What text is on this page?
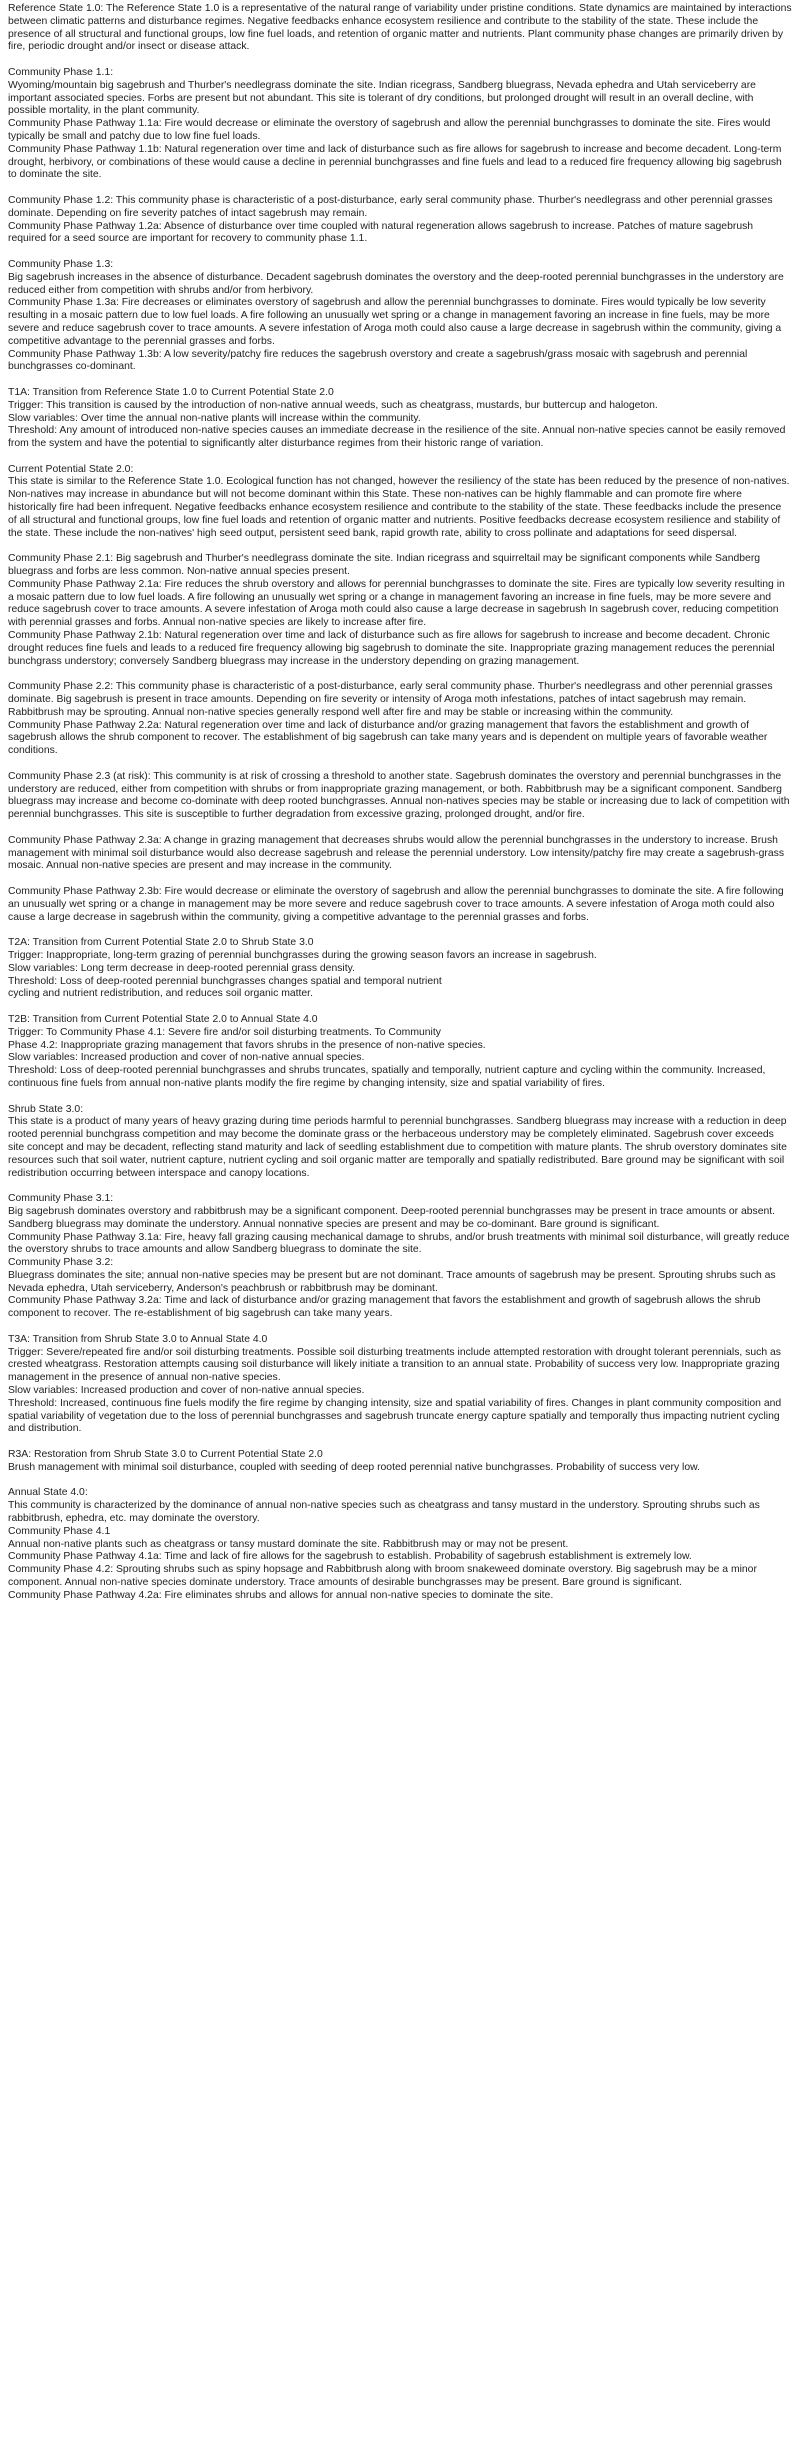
Reference State 1.0: The Reference State 1.0 is a representative of the natural range of variability under pristine conditions. State dynamics are maintained by interactions between climatic patterns and disturbance regimes. Negative feedbacks enhance ecosystem resilience and contribute to the stability of the state. These include the presence of all structural and functional groups, low fine fuel loads, and retention of organic matter and nutrients. Plant community phase changes are primarily driven by fire, periodic drought and/or insect or disease attack.
Community Phase 1.1:
Wyoming/mountain big sagebrush and Thurber's needlegrass dominate the site. Indian ricegrass, Sandberg bluegrass, Nevada ephedra and Utah serviceberry are important associated species. Forbs are present but not abundant. This site is tolerant of dry conditions, but prolonged drought will result in an overall decline, with possible mortality, in the plant community.
Community Phase Pathway 1.1a: Fire would decrease or eliminate the overstory of sagebrush and allow the perennial bunchgrasses to dominate the site. Fires would typically be small and patchy due to low fine fuel loads.
Community Phase Pathway 1.1b: Natural regeneration over time and lack of disturbance such as fire allows for sagebrush to increase and become decadent. Long-term drought, herbivory, or combinations of these would cause a decline in perennial bunchgrasses and fine fuels and lead to a reduced fire frequency allowing big sagebrush to dominate the site.
Community Phase 1.2: This community phase is characteristic of a post-disturbance, early seral community phase. Thurber's needlegrass and other perennial grasses dominate. Depending on fire severity patches of intact sagebrush may remain.
Community Phase Pathway 1.2a: Absence of disturbance over time coupled with natural regeneration allows sagebrush to increase. Patches of mature sagebrush required for a seed source are important for recovery to community phase 1.1.
Community Phase 1.3:
Big sagebrush increases in the absence of disturbance. Decadent sagebrush dominates the overstory and the deep-rooted perennial bunchgrasses in the understory are reduced either from competition with shrubs and/or from herbivory.
Community Phase 1.3a: Fire decreases or eliminates overstory of sagebrush and allow the perennial bunchgrasses to dominate. Fires would typically be low severity resulting in a mosaic pattern due to low fuel loads. A fire following an unusually wet spring or a change in management favoring an increase in fine fuels, may be more severe and reduce sagebrush cover to trace amounts. A severe infestation of Aroga moth could also cause a large decrease in sagebrush within the community, giving a competitive advantage to the perennial grasses and forbs.
Community Phase Pathway 1.3b: A low severity/patchy fire reduces the sagebrush overstory and create a sagebrush/grass mosaic with sagebrush and perennial bunchgrasses co-dominant.
T1A: Transition from Reference State 1.0 to Current Potential State 2.0
Trigger: This transition is caused by the introduction of non-native annual weeds, such as cheatgrass, mustards, bur buttercup and halogeton.
Slow variables: Over time the annual non-native plants will increase within the community.
Threshold: Any amount of introduced non-native species causes an immediate decrease in the resilience of the site. Annual non-native species cannot be easily removed from the system and have the potential to significantly alter disturbance regimes from their historic range of variation.
Current Potential State 2.0:
This state is similar to the Reference State 1.0. Ecological function has not changed, however the resiliency of the state has been reduced by the presence of non-natives. Non-natives may increase in abundance but will not become dominant within this State. These non-natives can be highly flammable and can promote fire where historically fire had been infrequent. Negative feedbacks enhance ecosystem resilience and contribute to the stability of the state. These feedbacks include the presence of all structural and functional groups, low fine fuel loads and retention of organic matter and nutrients. Positive feedbacks decrease ecosystem resilience and stability of the state. These include the non-natives' high seed output, persistent seed bank, rapid growth rate, ability to cross pollinate and adaptations for seed dispersal.
Community Phase 2.1: Big sagebrush and Thurber's needlegrass dominate the site. Indian ricegrass and squirreltail may be significant components while Sandberg bluegrass and forbs are less common. Non-native annual species present.
Community Phase Pathway 2.1a: Fire reduces the shrub overstory and allows for perennial bunchgrasses to dominate the site. Fires are typically low severity resulting in a mosaic pattern due to low fuel loads. A fire following an unusually wet spring or a change in management favoring an increase in fine fuels, may be more severe and reduce sagebrush cover to trace amounts. A severe infestation of Aroga moth could also cause a large decrease in sagebrush In sagebrush cover, reducing competition with perennial grasses and forbs. Annual non-native species are likely to increase after fire.
Community Phase Pathway 2.1b: Natural regeneration over time and lack of disturbance such as fire allows for sagebrush to increase and become decadent. Chronic drought reduces fine fuels and leads to a reduced fire frequency allowing big sagebrush to dominate the site. Inappropriate grazing management reduces the perennial bunchgrass understory; conversely Sandberg bluegrass may increase in the understory depending on grazing management.
Community Phase 2.2: This community phase is characteristic of a post-disturbance, early seral community phase. Thurber's needlegrass and other perennial grasses dominate. Big sagebrush is present in trace amounts. Depending on fire severity or intensity of Aroga moth infestations, patches of intact sagebrush may remain. Rabbitbrush may be sprouting. Annual non-native species generally respond well after fire and may be stable or increasing within the community.
Community Phase Pathway 2.2a: Natural regeneration over time and lack of disturbance and/or grazing management that favors the establishment and growth of sagebrush allows the shrub component to recover. The establishment of big sagebrush can take many years and is dependent on multiple years of favorable weather conditions.
Community Phase 2.3 (at risk): This community is at risk of crossing a threshold to another state. Sagebrush dominates the overstory and perennial bunchgrasses in the understory are reduced, either from competition with shrubs or from inappropriate grazing management, or both. Rabbitbrush may be a significant component. Sandberg bluegrass may increase and become co-dominate with deep rooted bunchgrasses. Annual non-natives species may be stable or increasing due to lack of competition with perennial bunchgrasses. This site is susceptible to further degradation from excessive grazing, prolonged drought, and/or fire.
Community Phase Pathway 2.3a: A change in grazing management that decreases shrubs would allow the perennial bunchgrasses in the understory to increase. Brush management with minimal soil disturbance would also decrease sagebrush and release the perennial understory. Low intensity/patchy fire may create a sagebrush-grass mosaic. Annual non-native species are present and may increase in the community.
Community Phase Pathway 2.3b: Fire would decrease or eliminate the overstory of sagebrush and allow the perennial bunchgrasses to dominate the site. A fire following an unusually wet spring or a change in management may be more severe and reduce sagebrush cover to trace amounts. A severe infestation of Aroga moth could also cause a large decrease in sagebrush within the community, giving a competitive advantage to the perennial grasses and forbs.
T2A: Transition from Current Potential State 2.0 to Shrub State 3.0
Trigger: Inappropriate, long-term grazing of perennial bunchgrasses during the growing season favors an increase in sagebrush.
Slow variables: Long term decrease in deep-rooted perennial grass density.
Threshold: Loss of deep-rooted perennial bunchgrasses changes spatial and temporal nutrient
cycling and nutrient redistribution, and reduces soil organic matter.
T2B: Transition from Current Potential State 2.0 to Annual State 4.0
Trigger: To Community Phase 4.1: Severe fire and/or soil disturbing treatments. To Community
Phase 4.2: Inappropriate grazing management that favors shrubs in the presence of non-native species.
Slow variables: Increased production and cover of non-native annual species.
Threshold: Loss of deep-rooted perennial bunchgrasses and shrubs truncates, spatially and temporally, nutrient capture and cycling within the community. Increased, continuous fine fuels from annual non-native plants modify the fire regime by changing intensity, size and spatial variability of fires.
Shrub State 3.0:
This state is a product of many years of heavy grazing during time periods harmful to perennial bunchgrasses. Sandberg bluegrass may increase with a reduction in deep rooted perennial bunchgrass competition and may become the dominate grass or the herbaceous understory may be completely eliminated. Sagebrush cover exceeds site concept and may be decadent, reflecting stand maturity and lack of seedling establishment due to competition with mature plants. The shrub overstory dominates site resources such that soil water, nutrient capture, nutrient cycling and soil organic matter are temporally and spatially redistributed. Bare ground may be significant with soil redistribution occurring between interspace and canopy locations.
Community Phase 3.1:
Big sagebrush dominates overstory and rabbitbrush may be a significant component. Deep-rooted perennial bunchgrasses may be present in trace amounts or absent. Sandberg bluegrass may dominate the understory. Annual nonnative species are present and may be co-dominant. Bare ground is significant.
Community Phase Pathway 3.1a: Fire, heavy fall grazing causing mechanical damage to shrubs, and/or brush treatments with minimal soil disturbance, will greatly reduce the overstory shrubs to trace amounts and allow Sandberg bluegrass to dominate the site.
Community Phase 3.2:
Bluegrass dominates the site; annual non-native species may be present but are not dominant. Trace amounts of sagebrush may be present. Sprouting shrubs such as Nevada ephedra, Utah serviceberry, Anderson's peachbrush or rabbitbrush may be dominant.
Community Phase Pathway 3.2a: Time and lack of disturbance and/or grazing management that favors the establishment and growth of sagebrush allows the shrub component to recover. The re-establishment of big sagebrush can take many years.
T3A: Transition from Shrub State 3.0 to Annual State 4.0
Trigger: Severe/repeated fire and/or soil disturbing treatments. Possible soil disturbing treatments include attempted restoration with drought tolerant perennials, such as crested wheatgrass. Restoration attempts causing soil disturbance will likely initiate a transition to an annual state. Probability of success very low. Inappropriate grazing management in the presence of annual non-native species.
Slow variables: Increased production and cover of non-native annual species.
Threshold: Increased, continuous fine fuels modify the fire regime by changing intensity, size and spatial variability of fires. Changes in plant community composition and spatial variability of vegetation due to the loss of perennial bunchgrasses and sagebrush truncate energy capture spatially and temporally thus impacting nutrient cycling and distribution.
R3A: Restoration from Shrub State 3.0 to Current Potential State 2.0
Brush management with minimal soil disturbance, coupled with seeding of deep rooted perennial native bunchgrasses. Probability of success very low.
Annual State 4.0:
This community is characterized by the dominance of annual non-native species such as cheatgrass and tansy mustard in the understory. Sprouting shrubs such as rabbitbrush, ephedra, etc. may dominate the overstory.
Community Phase 4.1
Annual non-native plants such as cheatgrass or tansy mustard dominate the site. Rabbitbrush may or may not be present.
Community Phase Pathway 4.1a: Time and lack of fire allows for the sagebrush to establish. Probability of sagebrush establishment is extremely low.
Community Phase 4.2: Sprouting shrubs such as spiny hopsage and Rabbitbrush along with broom snakeweed dominate overstory. Big sagebrush may be a minor component. Annual non-native species dominate understory. Trace amounts of desirable bunchgrasses may be present. Bare ground is significant.
Community Phase Pathway 4.2a: Fire eliminates shrubs and allows for annual non-native species to dominate the site.
